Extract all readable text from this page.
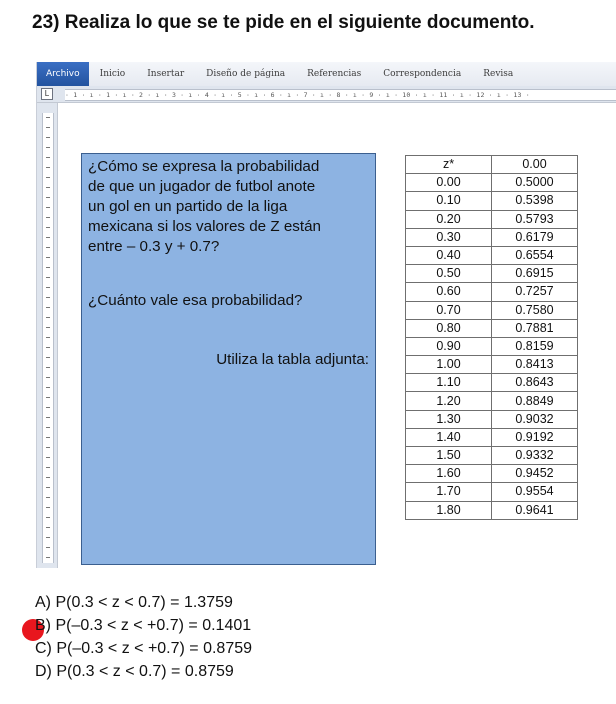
23) Realiza lo que se te pide en el siguiente documento.
Archivo	Inicio	Insertar	Diseño de página	Referencias	Correspondencia	Revisa
L	· 1 · ı · 1 · ı · 2 · ı · 3 · ı · 4 · ı · 5 · ı · 6 · ı · 7 · ı · 8 · ı · 9 · ı · 10 · ı · 11 · ı · 12 · ı · 13 ·
¿Cómo se expresa la probabilidad
de que un jugador de futbol anote
un gol en un partido de la liga
mexicana si los valores de Z están
entre – 0.3 y + 0.7?
¿Cuánto vale esa probabilidad?
Utiliza la tabla adjunta:
z*	0.00
0.00	0.5000
0.10	0.5398
0.20	0.5793
0.30	0.6179
0.40	0.6554
0.50	0.6915
0.60	0.7257
0.70	0.7580
0.80	0.7881
0.90	0.8159
1.00	0.8413
1.10	0.8643
1.20	0.8849
1.30	0.9032
1.40	0.9192
1.50	0.9332
1.60	0.9452
1.70	0.9554
1.80	0.9641
A) P(0.3 < z < 0.7) = 1.3759
B) P(–0.3 < z < +0.7) = 0.1401
C) P(–0.3 < z < +0.7) = 0.8759
D) P(0.3 < z < 0.7) = 0.8759
